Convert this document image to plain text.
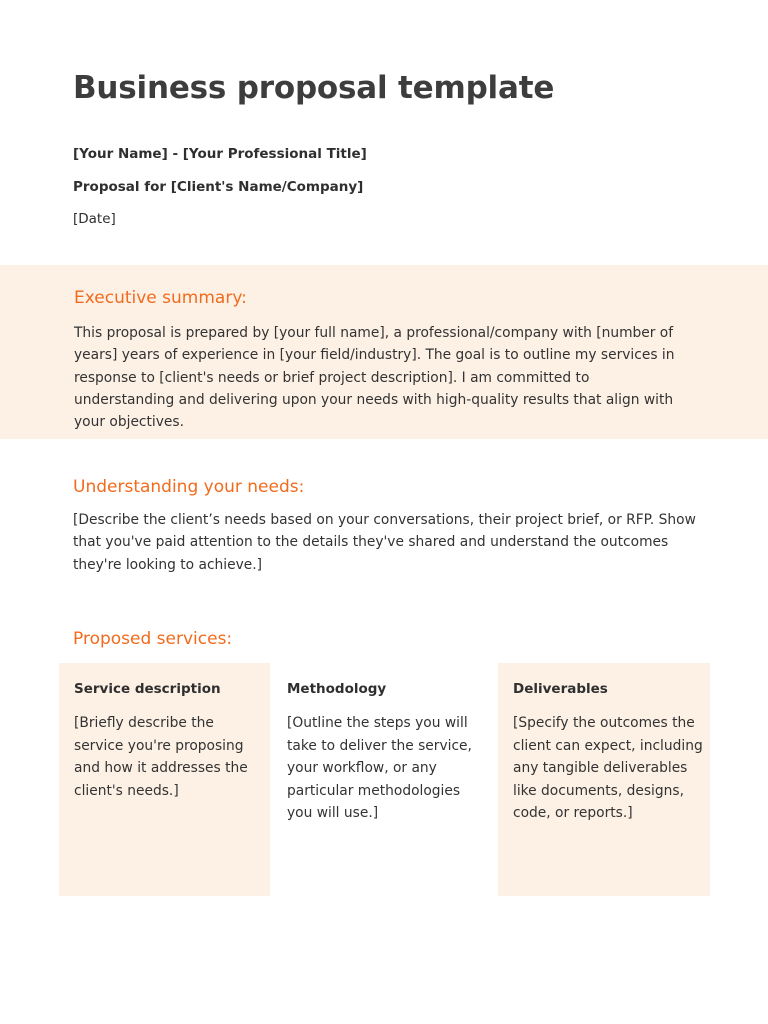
Business proposal template
[Your Name] - [Your Professional Title]
Proposal for [Client's Name/Company]
[Date]
Executive summary:

This proposal is prepared by [your full name], a professional/company with [number of years] years of experience in [your field/industry]. The goal is to outline my services in response to [client's needs or brief project description]. I am committed to understanding and delivering upon your needs with high-quality results that align with your objectives.

Understanding your needs:

[Describe the client’s needs based on your conversations, their project brief, or RFP. Show that you've paid attention to the details they've shared and understand the outcomes they're looking to achieve.]

Proposed services:
Service description
[Briefly describe the service you're proposing and how it addresses the client's needs.]
Methodology
[Outline the steps you will take to deliver the service, your workflow, or any particular methodologies you will use.]
Deliverables
[Specify the outcomes the client can expect, including any tangible deliverables like documents, designs, code, or reports.]
